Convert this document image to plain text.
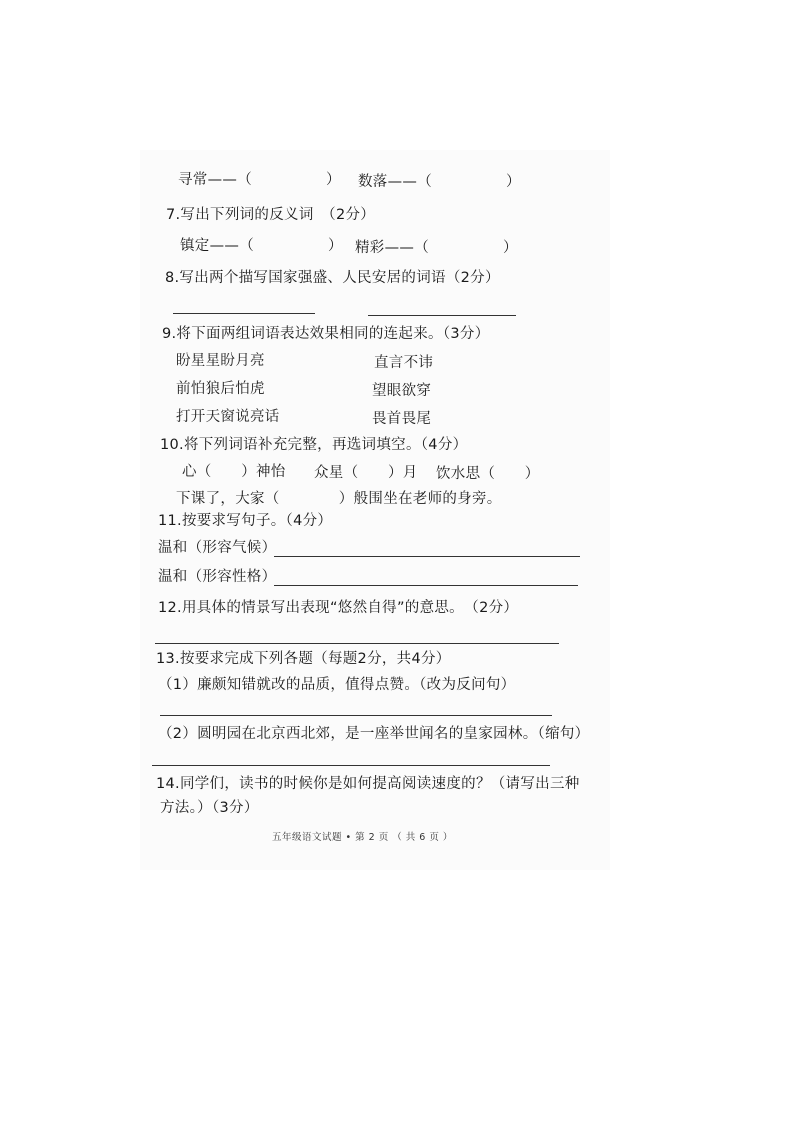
寻常——（　　　　　） 数落——（　　　　　）
7.写出下列词的反义词　（2分）
镇定——（　　　　　） 精彩——（　　　　　）
8.写出两个描写国家强盛、人民安居的词语（2分）
9.将下面两组词语表达效果相同的连起来。（3分）
盼星星盼月亮
前怕狼后怕虎
打开天窗说亮话
直言不讳
望眼欲穿
畏首畏尾
10.将下列词语补充完整，再选词填空。（4分）
心（　　）神怡 众星（　　）月 饮水思（　　）
下课了，大家（　　　　）般围坐在老师的身旁。
11.按要求写句子。（4分）
温和（形容气候）
温和（形容性格）
12.用具体的情景写出表现“悠然自得”的意思。　（2分）
13.按要求完成下列各题（每题2分，共4分）
（1）廉颇知错就改的品质，值得点赞。（改为反问句）
（2）圆明园在北京西北郊，是一座举世闻名的皇家园林。（缩句）
14.同学们，读书的时候你是如何提高阅读速度的？（请写出三种
方法。）（3分）
五年级语文试题 • 第 2 页 （ 共 6 页 ）
